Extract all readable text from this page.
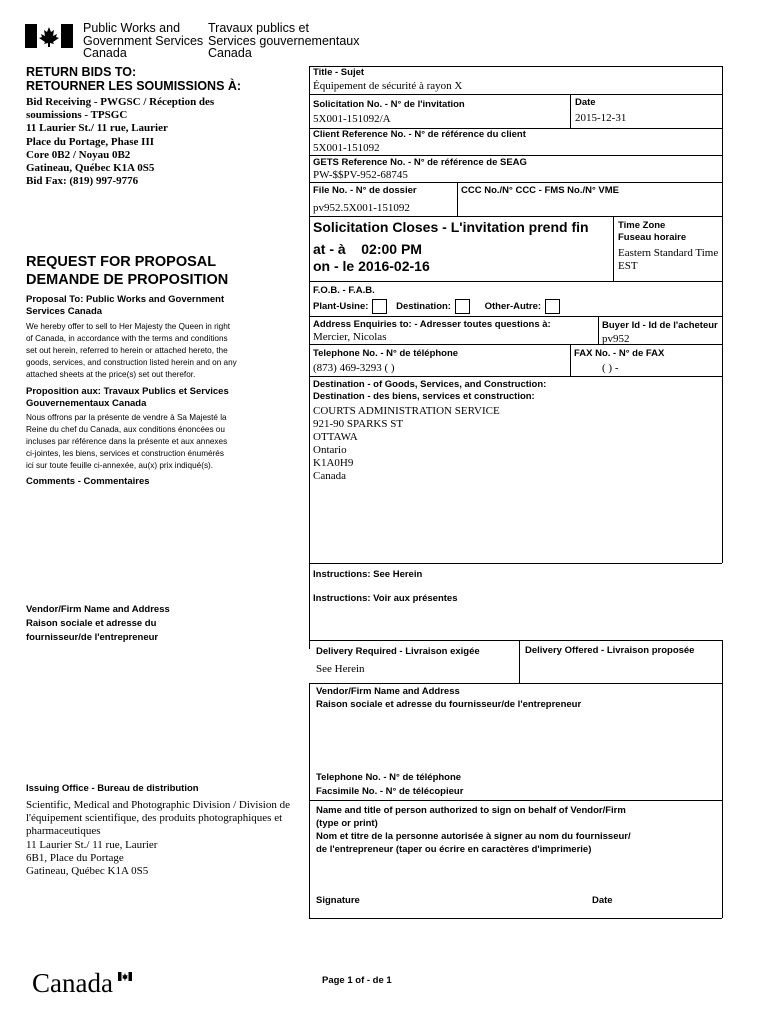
Public Works and
Government Services
Canada
Travaux publics et
Services gouvernementaux
Canada
RETURN BIDS TO:
RETOURNER LES SOUMISSIONS À:
Bid Receiving - PWGSC / Réception des
soumissions - TPSGC
11 Laurier St./ 11 rue, Laurier
Place du Portage, Phase III
Core 0B2 / Noyau 0B2
Gatineau, Québec K1A 0S5
Bid Fax: (819) 997-9776
REQUEST FOR PROPOSAL
DEMANDE DE PROPOSITION
Proposal To: Public Works and Government
Services Canada
We hereby offer to sell to Her Majesty the Queen in right
of Canada, in accordance with the terms and conditions
set out herein, referred to herein or attached hereto, the
goods, services, and construction listed herein and on any
attached sheets at the price(s) set out therefor.
Proposition aux: Travaux Publics et Services
Gouvernementaux Canada
Nous offrons par la présente de vendre à Sa Majesté la
Reine du chef du Canada, aux conditions énoncées ou
incluses par référence dans la présente et aux annexes
ci-jointes, les biens, services et construction énumérés
ici sur toute feuille ci-annexée, au(x) prix indiqué(s).
Comments - Commentaires
Vendor/Firm Name and Address
Raison sociale et adresse du
fournisseur/de l'entrepreneur
Issuing Office - Bureau de distribution
Scientific, Medical and Photographic Division / Division de
l'équipement scientifique, des produits photographiques et
pharmaceutiques
11 Laurier St./ 11 rue, Laurier
6B1, Place du Portage
Gatineau, Québec K1A 0S5
Title - Sujet
Équipement de sécurité à rayon X
Solicitation No. - N° de l'invitation
5X001-151092/A
Date
2015-12-31
Client Reference No. - N° de référence du client
5X001-151092
GETS Reference No. - N° de référence de SEAG
PW-$$PV-952-68745
File No. - N° de dossier
pv952.5X001-151092
CCC No./N° CCC - FMS No./N° VME
Solicitation Closes - L'invitation prend fin
at - à 02:00 PM
on - le 2016-02-16
Time Zone
Fuseau horaire
Eastern Standard Time
EST
F.O.B. - F.A.B.
Plant-Usine:	Destination:	Other-Autre:
Address Enquiries to: - Adresser toutes questions à:
Mercier, Nicolas
Buyer Id - Id de l'acheteur
pv952
Telephone No. - N° de téléphone
(873) 469-3293 ( )
FAX No. - N° de FAX
( ) -
Destination - of Goods, Services, and Construction:
Destination - des biens, services et construction:
COURTS ADMINISTRATION SERVICE
921-90 SPARKS ST
OTTAWA
Ontario
K1A0H9
Canada
Instructions: See Herein
Instructions: Voir aux présentes
Delivery Required - Livraison exigée
See Herein
Delivery Offered - Livraison proposée
Vendor/Firm Name and Address
Raison sociale et adresse du fournisseur/de l'entrepreneur
Telephone No. - N° de téléphone
Facsimile No. - N° de télécopieur
Name and title of person authorized to sign on behalf of Vendor/Firm
(type or print)
Nom et titre de la personne autorisée à signer au nom du fournisseur/
de l'entrepreneur (taper ou écrire en caractères d'imprimerie)
Signature	Date
Canada	Page 1 of - de 1
